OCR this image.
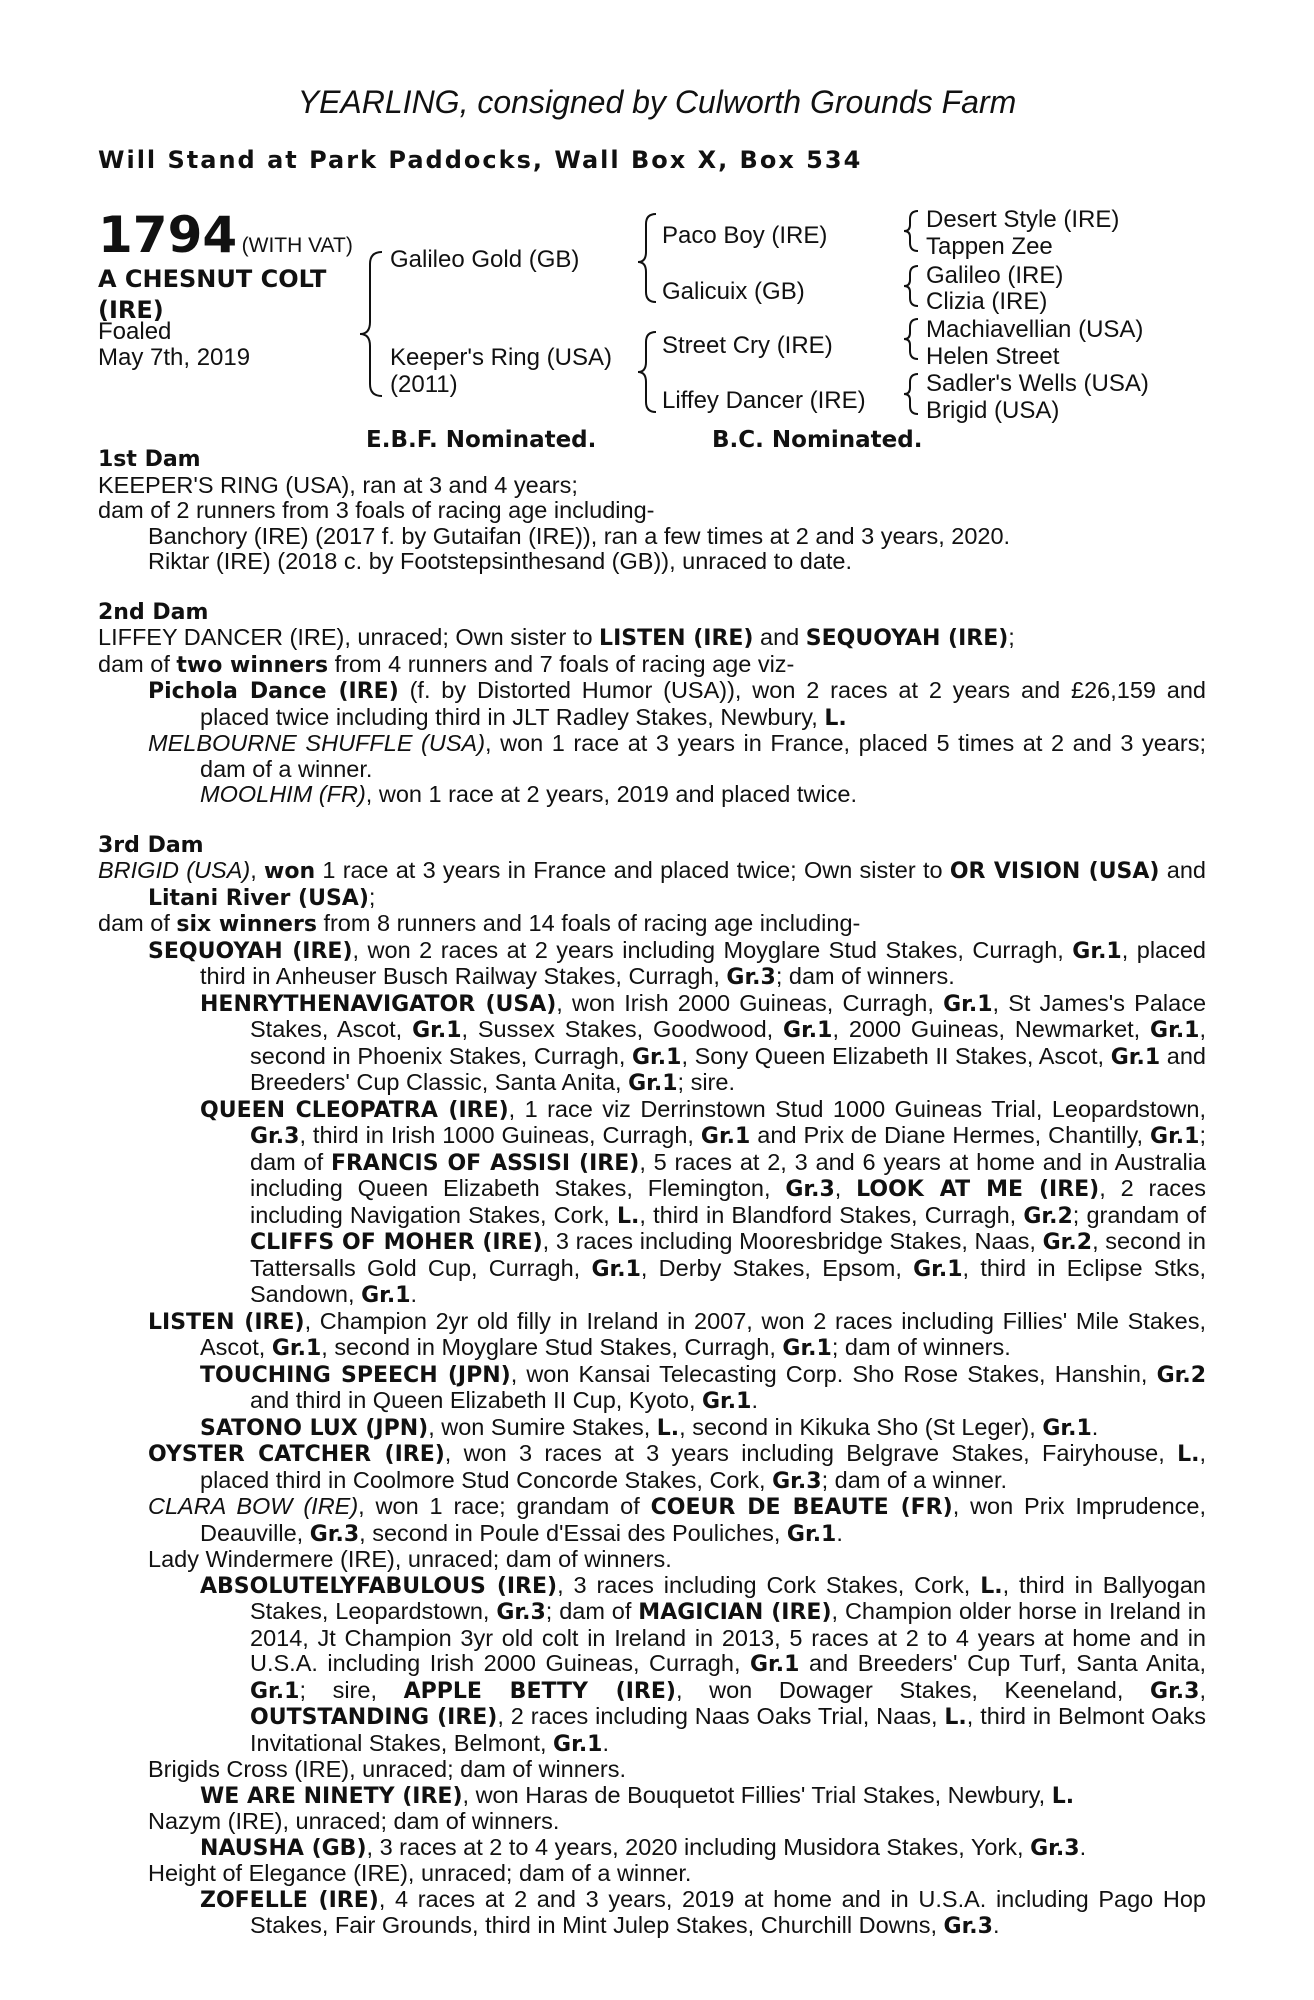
YEARLING, consigned by Culworth Grounds Farm
Will Stand at Park Paddocks, Wall Box X, Box 534
1794 (WITH VAT)
A CHESNUT COLT
(IRE)
Foaled
May 7th, 2019
Galileo Gold (GB)
Keeper's Ring (USA)
(2011)
Paco Boy (IRE)
Galicuix (GB)
Street Cry (IRE)
Liffey Dancer (IRE)
Desert Style (IRE)
Tappen Zee
Galileo (IRE)
Clizia (IRE)
Machiavellian (USA)
Helen Street
Sadler's Wells (USA)
Brigid (USA)
E.B.F. Nominated.	B.C. Nominated.

1st Dam

KEEPER'S RING (USA), ran at 3 and 4 years;

dam of 2 runners from 3 foals of racing age including-

Banchory (IRE) (2017 f. by Gutaifan (IRE)), ran a few times at 2 and 3 years, 2020.

Riktar (IRE) (2018 c. by Footstepsinthesand (GB)), unraced to date.

2nd Dam

LIFFEY DANCER (IRE), unraced; Own sister to LISTEN (IRE) and SEQUOYAH (IRE);

dam of two winners from 4 runners and 7 foals of racing age viz-

Pichola Dance (IRE) (f. by Distorted Humor (USA)), won 2 races at 2 years and £26,159 and placed twice including third in JLT Radley Stakes, Newbury, L.

MELBOURNE SHUFFLE (USA), won 1 race at 3 years in France, placed 5 times at 2 and 3 years; dam of a winner.

MOOLHIM (FR), won 1 race at 2 years, 2019 and placed twice.

3rd Dam

BRIGID (USA), won 1 race at 3 years in France and placed twice; Own sister to OR VISION (USA) and Litani River (USA);

dam of six winners from 8 runners and 14 foals of racing age including-

SEQUOYAH (IRE), won 2 races at 2 years including Moyglare Stud Stakes, Curragh, Gr.1, placed third in Anheuser Busch Railway Stakes, Curragh, Gr.3; dam of winners.

HENRYTHENAVIGATOR (USA), won Irish 2000 Guineas, Curragh, Gr.1, St James's Palace Stakes, Ascot, Gr.1, Sussex Stakes, Goodwood, Gr.1, 2000 Guineas, Newmarket, Gr.1, second in Phoenix Stakes, Curragh, Gr.1, Sony Queen Elizabeth II Stakes, Ascot, Gr.1 and Breeders' Cup Classic, Santa Anita, Gr.1; sire.

QUEEN CLEOPATRA (IRE), 1 race viz Derrinstown Stud 1000 Guineas Trial, Leopardstown, Gr.3, third in Irish 1000 Guineas, Curragh, Gr.1 and Prix de Diane Hermes, Chantilly, Gr.1; dam of FRANCIS OF ASSISI (IRE), 5 races at 2, 3 and 6 years at home and in Australia including Queen Elizabeth Stakes, Flemington, Gr.3, LOOK AT ME (IRE), 2 races including Navigation Stakes, Cork, L., third in Blandford Stakes, Curragh, Gr.2; grandam of CLIFFS OF MOHER (IRE), 3 races including Mooresbridge Stakes, Naas, Gr.2, second in Tattersalls Gold Cup, Curragh, Gr.1, Derby Stakes, Epsom, Gr.1, third in Eclipse Stks, Sandown, Gr.1.

LISTEN (IRE), Champion 2yr old filly in Ireland in 2007, won 2 races including Fillies' Mile Stakes, Ascot, Gr.1, second in Moyglare Stud Stakes, Curragh, Gr.1; dam of winners.

TOUCHING SPEECH (JPN), won Kansai Telecasting Corp. Sho Rose Stakes, Hanshin, Gr.2 and third in Queen Elizabeth II Cup, Kyoto, Gr.1.

SATONO LUX (JPN), won Sumire Stakes, L., second in Kikuka Sho (St Leger), Gr.1.

OYSTER CATCHER (IRE), won 3 races at 3 years including Belgrave Stakes, Fairyhouse, L., placed third in Coolmore Stud Concorde Stakes, Cork, Gr.3; dam of a winner.

CLARA BOW (IRE), won 1 race; grandam of COEUR DE BEAUTE (FR), won Prix Imprudence, Deauville, Gr.3, second in Poule d'Essai des Pouliches, Gr.1.

Lady Windermere (IRE), unraced; dam of winners.

ABSOLUTELYFABULOUS (IRE), 3 races including Cork Stakes, Cork, L., third in Ballyogan Stakes, Leopardstown, Gr.3; dam of MAGICIAN (IRE), Champion older horse in Ireland in 2014, Jt Champion 3yr old colt in Ireland in 2013, 5 races at 2 to 4 years at home and in U.S.A. including Irish 2000 Guineas, Curragh, Gr.1 and Breeders' Cup Turf, Santa Anita, Gr.1; sire, APPLE BETTY (IRE), won Dowager Stakes, Keeneland, Gr.3, OUTSTANDING (IRE), 2 races including Naas Oaks Trial, Naas, L., third in Belmont Oaks Invitational Stakes, Belmont, Gr.1.

Brigids Cross (IRE), unraced; dam of winners.

WE ARE NINETY (IRE), won Haras de Bouquetot Fillies' Trial Stakes, Newbury, L.

Nazym (IRE), unraced; dam of winners.

NAUSHA (GB), 3 races at 2 to 4 years, 2020 including Musidora Stakes, York, Gr.3.

Height of Elegance (IRE), unraced; dam of a winner.

ZOFELLE (IRE), 4 races at 2 and 3 years, 2019 at home and in U.S.A. including Pago Hop Stakes, Fair Grounds, third in Mint Julep Stakes, Churchill Downs, Gr.3.
